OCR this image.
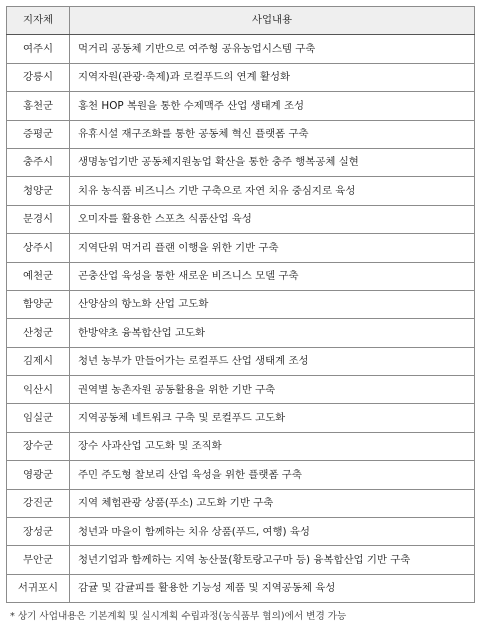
지자체	사업내용
여주시	먹거리 공동체 기반으로 여주형 공유농업시스템 구축
강릉시	지역자원(관광·축제)과 로컬푸드의 연계 활성화
홍천군	홍천 HOP 복원을 통한 수제맥주 산업 생태계 조성
증평군	유휴시설 재구조화를 통한 공동체 혁신 플랫폼 구축
충주시	생명농업기반 공동체지원농업 확산을 통한 충주 행복공체 실현
청양군	치유 농식품 비즈니스 기반 구축으로 자연 치유 중심지로 육성
문경시	오미자를 활용한 스포츠 식품산업 육성
상주시	지역단위 먹거리 플랜 이행을 위한 기반 구축
예천군	곤충산업 육성을 통한 새로운 비즈니스 모델 구축
함양군	산양삼의 항노화 산업 고도화
산청군	한방약초 융복합산업 고도화
김제시	청년 농부가 만들어가는 로컬푸드 산업 생태계 조성
익산시	권역별 농촌자원 공동활용을 위한 기반 구축
임실군	지역공동체 네트워크 구축 및 로컬푸드 고도화
장수군	장수 사과산업 고도화 및 조직화
영광군	주민 주도형 찰보리 산업 육성을 위한 플랫폼 구축
강진군	지역 체험관광 상품(푸소) 고도화 기반 구축
장성군	청년과 마을이 함께하는 치유 상품(푸드, 여행) 육성
무안군	청년기업과 함께하는 지역 농산물(황토랑고구마 등) 융복합산업 기반 구축
서귀포시	감귤 및 감귤피를 활용한 기능성 제품 및 지역공동체 육성
* 상기 사업내용은 기본계획 및 실시계획 수립과정(농식품부 협의)에서 변경 가능
